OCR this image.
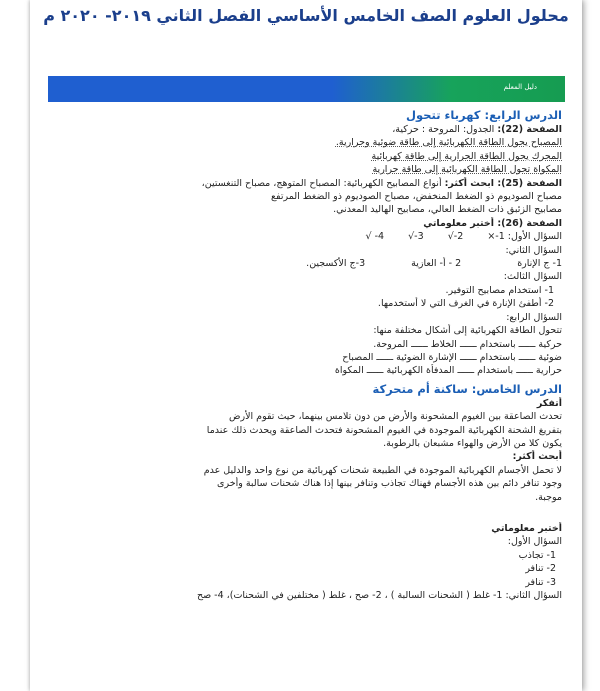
محلول العلوم الصف الخامس الأساسي الفصل الثاني ٢٠١٩- ٢٠٢٠ م
دليل المعلم
الدرس الرابع: كهرباء تتحول
الصفحة (22): الجدول: المروحة : حركية،
المصباح يحول الطاقة الكهربائية إلى طاقة ضوئية وحرارية.
المحرك يحول الطاقة الحرارية إلى طاقة كهربائية
المكواة تحول الطاقة الكهربائية إلى طاقة حرارية
الصفحة (25): ابحث أكثر: أنواع المصابيح الكهربائية: المصباح المتوهج، مصباح التنغستين،
مصباح الصوديوم ذو الضغط المنخفض، مصباح الصوديوم ذو الضغط المرتفع
مصابيح الزئبق ذات الضغط العالي، مصابيح الهاليد المعدني.
الصفحة (26): أختبر معلوماتي
السؤال الأول: 1-×  2-√  3-√  4- √
السؤال الثاني:
1- ج الإنارة  2 - أ- العازية  3-ج الأكسجين.
السؤال الثالث:
1- استخدام مصابيح التوفير.
2- أطفئ الإنارة في الغرف التي لا أستخدمها.
السؤال الرابع:
تتحول الطاقة الكهربائية إلى أشكال مختلفة منها:
حركية ــــــ باستخدام ــــــ الخلاط ــــــ المروحة.
ضوئية ــــــ باستخدام ــــــ الإشارة الضوئية ــــــ المصباح
حرارية ــــــ باستخدام ــــــ المدفأة الكهربائية ــــــ المكواة
الدرس الخامس: ساكنة أم متحركة
أتفكر
تحدث الصاعقة بين الغيوم المشحونة والأرض من دون تلامس بينهما، حيث تقوم الأرض
بتفريغ الشحنة الكهربائية الموجودة في الغيوم المشحونة فتحدث الصاعقة ويحدث ذلك عندما
يكون كلا من الأرض والهواء مشبعان بالرطوبة.
أبحث أكثر:
لا تحمل الأجسام الكهربائية الموجودة في الطبيعة شحنات كهربائية من نوع واحد والدليل عدم
وجود تنافر دائم بين هذه الأجسام فهناك تجاذب وتنافر بينها إذا هناك شحنات سالبة وأخرى
موجبة.
أختبر معلوماتي
السؤال الأول:
1- تجاذب
2- تنافر
3- تنافر
السؤال الثاني: 1- غلط ( الشحنات السالبة ) ، 2- صح ، غلط ( مختلفين في الشحنات)، 4- صح
